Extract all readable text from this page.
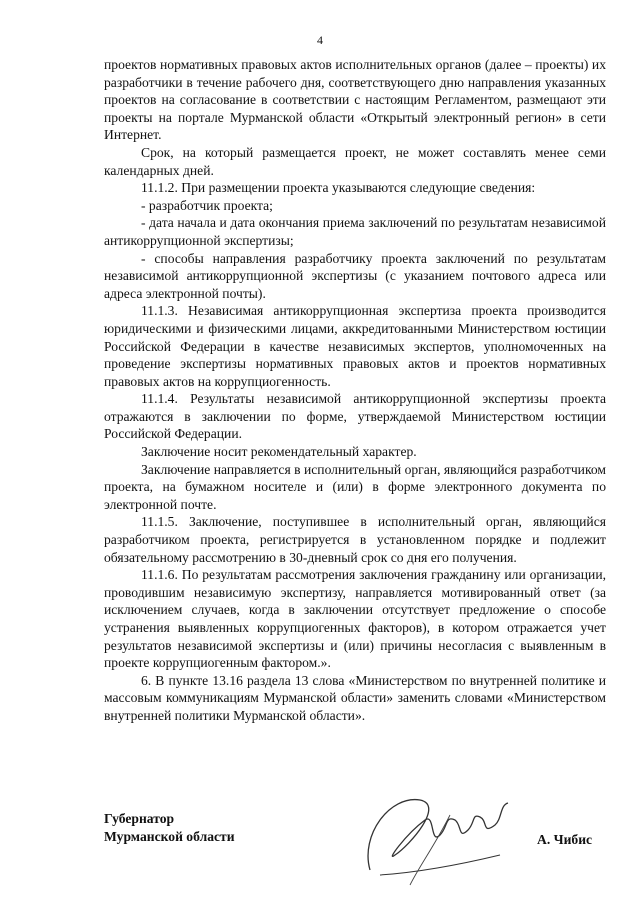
4

проектов нормативных правовых актов исполнительных органов (далее – проекты) их разработчики в течение рабочего дня, соответствующего дню направления указанных проектов на согласование в соответствии с настоящим Регламентом, размещают эти проекты на портале Мурманской области «Открытый электронный регион» в сети Интернет.

Срок, на который размещается проект, не может составлять менее семи календарных дней.

11.1.2. При размещении проекта указываются следующие сведения:

- разработчик проекта;

- дата начала и дата окончания приема заключений по результатам независимой антикоррупционной экспертизы;

- способы направления разработчику проекта заключений по результатам независимой антикоррупционной экспертизы (с указанием почтового адреса или адреса электронной почты).

11.1.3. Независимая антикоррупционная экспертиза проекта производится юридическими и физическими лицами, аккредитованными Министерством юстиции Российской Федерации в качестве независимых экспертов, уполномоченных на проведение экспертизы нормативных правовых актов и проектов нормативных правовых актов на коррупциогенность.

11.1.4. Результаты независимой антикоррупционной экспертизы проекта отражаются в заключении по форме, утверждаемой Министерством юстиции Российской Федерации.

Заключение носит рекомендательный характер.

Заключение направляется в исполнительный орган, являющийся разработчиком проекта, на бумажном носителе и (или) в форме электронного документа по электронной почте.

11.1.5. Заключение, поступившее в исполнительный орган, являющийся разработчиком проекта, регистрируется в установленном порядке и подлежит обязательному рассмотрению в 30-дневный срок со дня его получения.

11.1.6. По результатам рассмотрения заключения гражданину или организации, проводившим независимую экспертизу, направляется мотивированный ответ (за исключением случаев, когда в заключении отсутствует предложение о способе устранения выявленных коррупциогенных факторов), в котором отражается учет результатов независимой экспертизы и (или) причины несогласия с выявленным в проекте коррупциогенным фактором.».

6. В пункте 13.16 раздела 13 слова «Министерством по внутренней политике и массовым коммуникациям Мурманской области» заменить словами «Министерством внутренней политики Мурманской области».

Губернатор
Мурманской области	А. Чибис
